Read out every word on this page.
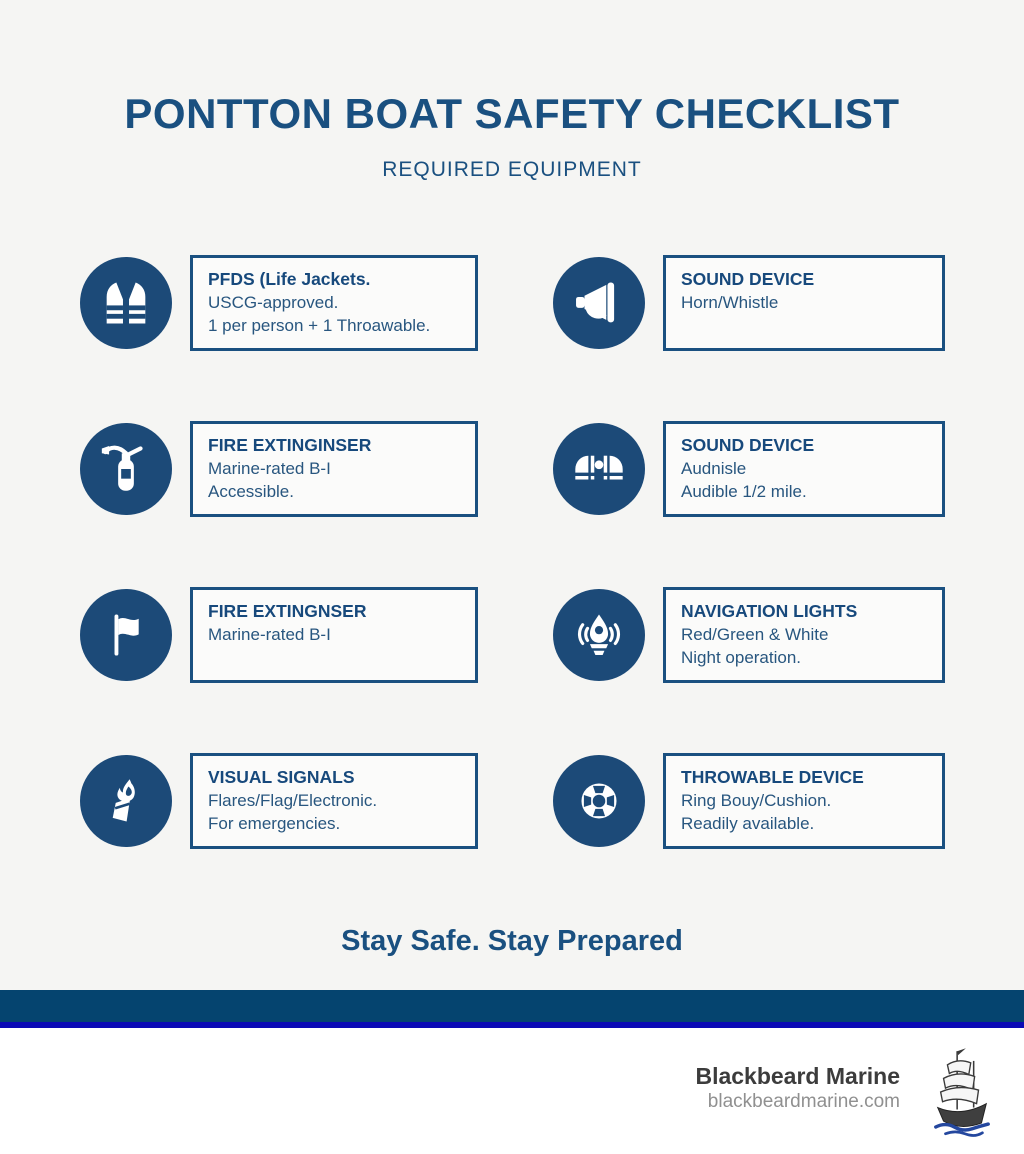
PONTTON BOAT SAFETY CHECKLIST
REQUIRED EQUIPMENT
PFDS (Life Jackets.
USCG-approved.
1 per person + 1 Throawable.
SOUND DEVICE
Horn/Whistle
FIRE EXTINGINSER
Marine-rated B-I
Accessible.
SOUND DEVICE
Audnisle
Audible 1/2 mile.
FIRE EXTINGNSER
Marine-rated B-I
NAVIGATION LIGHTS
Red/Green & White
Night operation.
VISUAL SIGNALS
Flares/Flag/Electronic.
For emergencies.
THROWABLE DEVICE
Ring Bouy/Cushion.
Readily available.
Stay Safe. Stay Prepared
Blackbeard Marine
blackbeardmarine.com
